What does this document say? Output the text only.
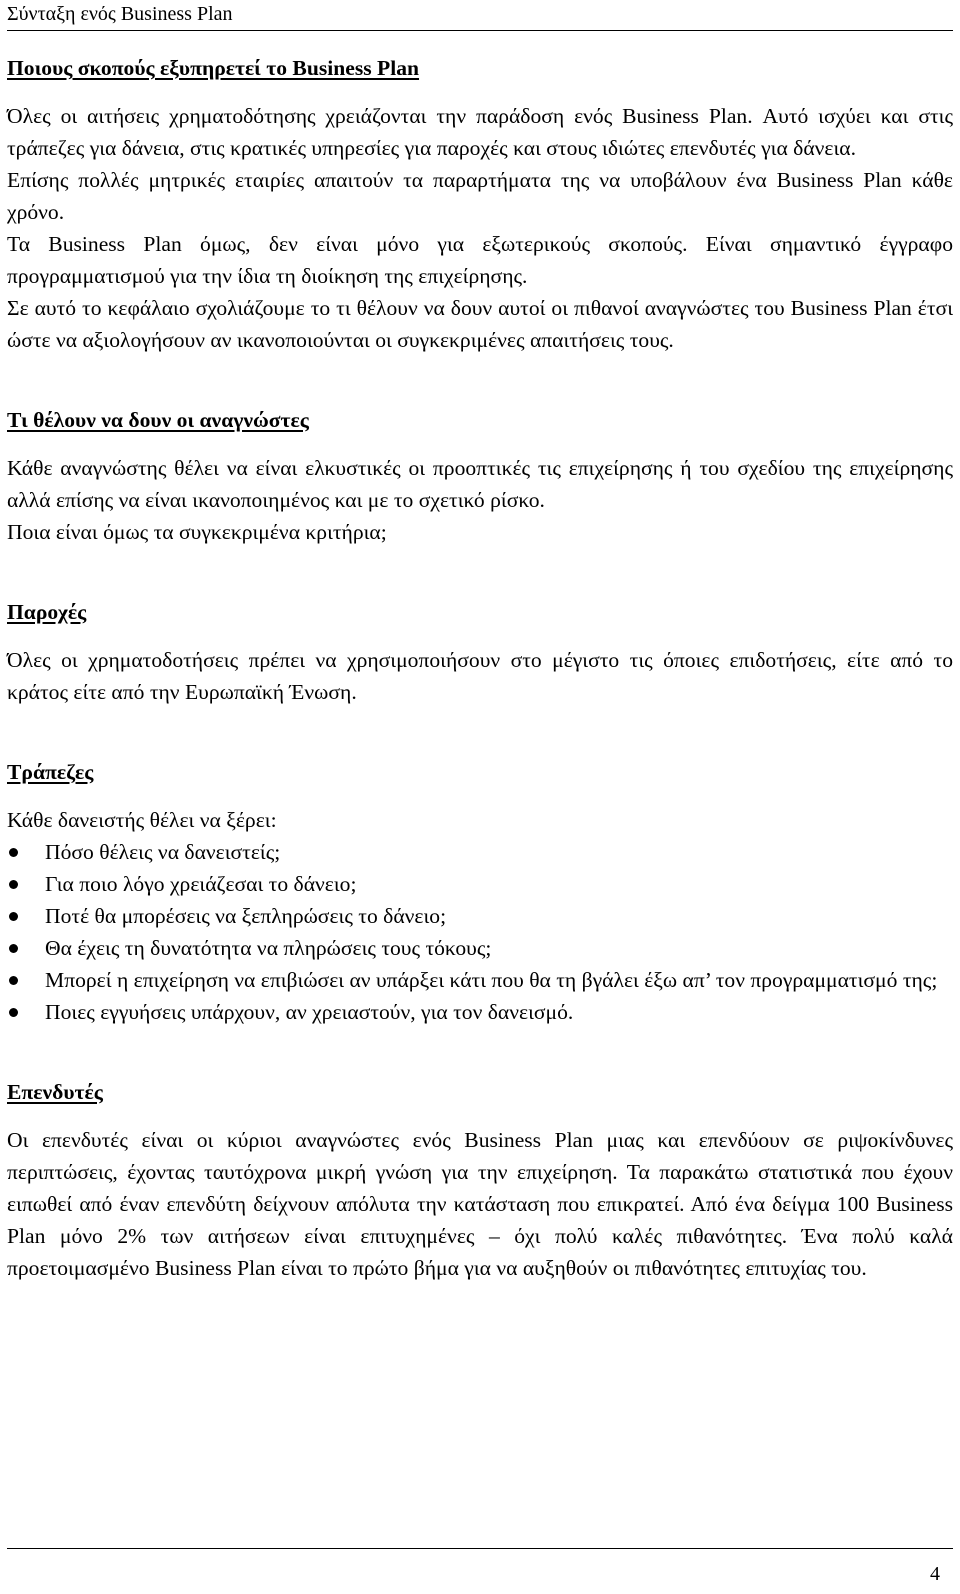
Σύνταξη ενός Business Plan
Ποιους σκοπούς εξυπηρετεί το Business Plan

Όλες οι αιτήσεις χρηματοδότησης χρειάζονται την παράδοση ενός Business Plan. Αυτό ισχύει και στις τράπεζες για δάνεια, στις κρατικές υπηρεσίες για παροχές και στους ιδιώτες επενδυτές για δάνεια.

Επίσης πολλές μητρικές εταιρίες απαιτούν τα παραρτήματα της να υποβάλουν ένα Business Plan κάθε χρόνο.

Τα Business Plan όμως, δεν είναι μόνο για εξωτερικούς σκοπούς. Είναι σημαντικό έγγραφο προγραμματισμού για την ίδια τη διοίκηση της επιχείρησης.

Σε αυτό το κεφάλαιο σχολιάζουμε το τι θέλουν να δουν αυτοί οι πιθανοί αναγνώστες του Business Plan έτσι ώστε να αξιολογήσουν αν ικανοποιούνται οι συγκεκριμένες απαιτήσεις τους.

Τι θέλουν να δουν οι αναγνώστες

Κάθε αναγνώστης θέλει να είναι ελκυστικές οι προοπτικές τις επιχείρησης ή του σχεδίου της επιχείρησης αλλά επίσης να είναι ικανοποιημένος και με το σχετικό ρίσκο.

Ποια είναι όμως τα συγκεκριμένα κριτήρια;

Παροχές

Όλες οι χρηματοδοτήσεις πρέπει να χρησιμοποιήσουν στο μέγιστο τις όποιες επιδοτήσεις, είτε από το κράτος είτε από την Ευρωπαϊκή Ένωση.

Τράπεζες

Κάθε δανειστής θέλει να ξέρει:

Πόσο θέλεις να δανειστείς;
Για ποιο λόγο χρειάζεσαι το δάνειο;
Ποτέ θα μπορέσεις να ξεπληρώσεις το δάνειο;
Θα έχεις τη δυνατότητα να πληρώσεις τους τόκους;
Μπορεί η επιχείρηση να επιβιώσει αν υπάρξει κάτι που θα τη βγάλει έξω απ’ τον προγραμματισμό της;
Ποιες εγγυήσεις υπάρχουν, αν χρειαστούν, για τον δανεισμό.
Επενδυτές

Οι επενδυτές είναι οι κύριοι αναγνώστες ενός Business Plan μιας και επενδύουν σε ριψοκίνδυνες περιπτώσεις, έχοντας ταυτόχρονα μικρή γνώση για την επιχείρηση. Τα παρακάτω στατιστικά που έχουν ειπωθεί από έναν επενδύτη δείχνουν απόλυτα την κατάσταση που επικρατεί. Από ένα δείγμα 100 Business Plan μόνο 2% των αιτήσεων είναι επιτυχημένες – όχι πολύ καλές πιθανότητες. Ένα πολύ καλά προετοιμασμένο Business Plan είναι το πρώτο βήμα για να αυξηθούν οι πιθανότητες επιτυχίας του.

4
